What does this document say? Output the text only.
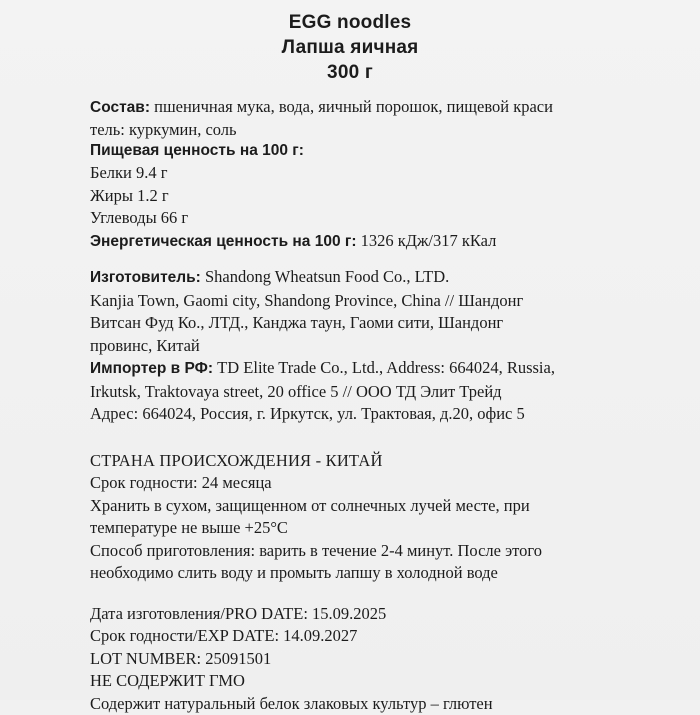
EGG noodles
Лапша яичная
300 г
Состав: пшеничная мука, вода, яичный порошок, пищевой краси
тель: куркумин, соль
Пищевая ценность на 100 г:
Белки 9.4 г
Жиры 1.2 г
Углеводы 66 г
Энергетическая ценность на 100 г: 1326 кДж/317 кКал
Изготовитель: Shandong Wheatsun Food Co., LTD.
Kanjia Town, Gaomi city, Shandong Province, China // Шандонг
Витсан Фуд Ко., ЛТД., Канджа таун, Гаоми сити, Шандонг
провинс, Китай
Импортер в РФ: TD Elite Trade Co., Ltd., Address: 664024, Russia,
Irkutsk, Traktovaya street, 20 office 5 // ООО ТД Элит Трейд
Адрес: 664024, Россия, г. Иркутск, ул. Трактовая, д.20, офис 5
СТРАНА ПРОИСХОЖДЕНИЯ - КИТАЙ
Срок годности: 24 месяца
Хранить в сухом, защищенном от солнечных лучей месте, при
температуре не выше +25°С
Способ приготовления: варить в течение 2-4 минут. После этого
необходимо слить воду и промыть лапшу в холодной воде
Дата изготовления/PRO DATE: 15.09.2025
Срок годности/EXP DATE: 14.09.2027
LOT NUMBER: 25091501
НЕ СОДЕРЖИТ ГМО
Содержит натуральный белок злаковых культур – глютен
